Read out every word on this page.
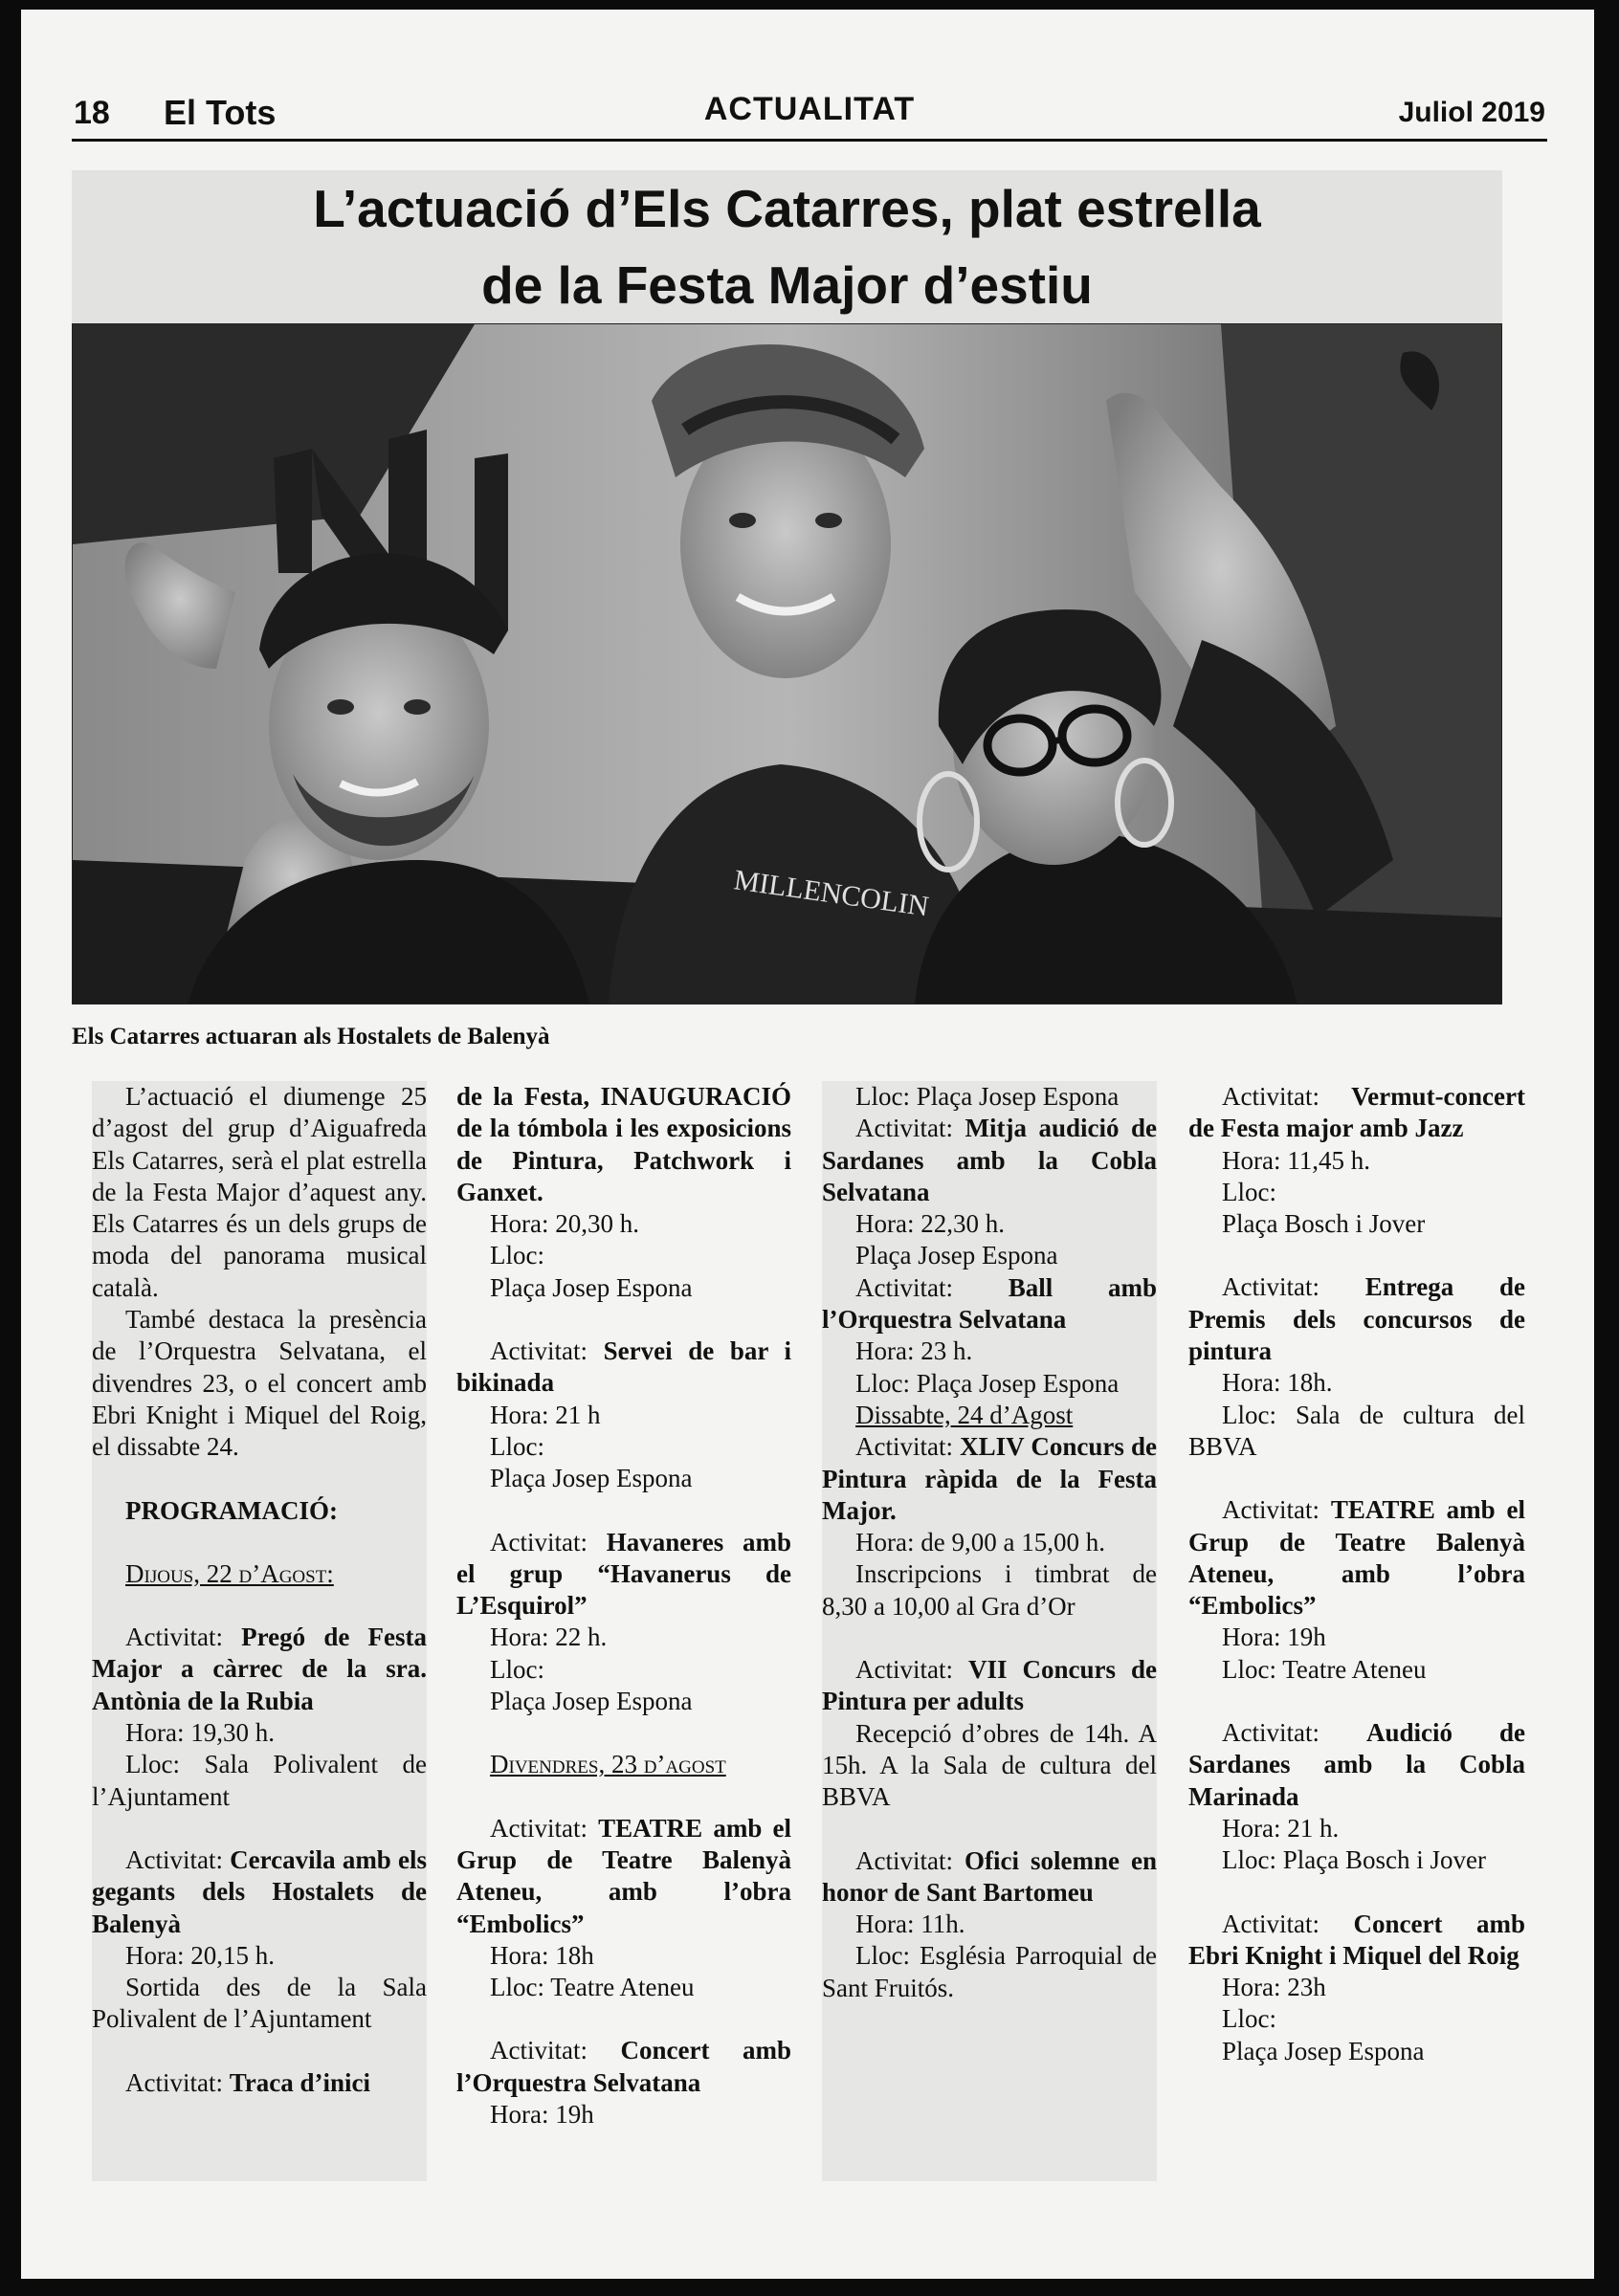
18 El Tots	ACTUALITAT	Juliol 2019
L’actuació d’Els Catarres, plat estrella
de la Festa Major d’estiu
MILLENCOLIN
Els Catarres actuaran als Hostalets de Balenyà

L’actuació el diumenge 25 d’agost del grup d’Aiguafreda Els Catarres, serà el plat estrella de la Festa Major d’aquest any. Els Catarres és un dels grups de moda del panorama musical català.

També destaca la presència de l’Orquestra Selvatana, el divendres 23, o el concert amb Ebri Knight i Miquel del Roig, el dissabte 24.

PROGRAMACIÓ:

Dijous, 22 d’Agost:

Activitat: Pregó de Festa Major a càrrec de la sra. Antònia de la Rubia

Hora: 19,30 h.

Lloc: Sala Polivalent de l’Ajuntament

Activitat: Cercavila amb els gegants dels Hostalets de Balenyà

Hora: 20,15 h.

Sortida des de la Sala Polivalent de l’Ajuntament

Activitat: Traca d’inici

de la Festa, INAUGURACIÓ de la tómbola i les exposicions de Pintura, Patchwork i Ganxet.

Hora: 20,30 h.

Lloc:

Plaça Josep Espona

Activitat: Servei de bar i bikinada

Hora: 21 h

Lloc:

Plaça Josep Espona

Activitat: Havaneres amb el grup “Havanerus de L’Esquirol”

Hora: 22 h.

Lloc:

Plaça Josep Espona

Divendres, 23 d’agost

Activitat: TEATRE amb el Grup de Teatre Balenyà Ateneu, amb l’obra “Embolics”

Hora: 18h

Lloc: Teatre Ateneu

Activitat: Concert amb l’Orquestra Selvatana

Hora: 19h

Lloc: Plaça Josep Espona

Activitat: Mitja audició de Sardanes amb la Cobla Selvatana

Hora: 22,30 h.

Plaça Josep Espona

Activitat: Ball amb l’Orquestra Selvatana

Hora: 23 h.

Lloc: Plaça Josep Espona

Dissabte, 24 d’Agost

Activitat: XLIV Concurs de Pintura ràpida de la Festa Major.

Hora: de 9,00 a 15,00 h.

Inscripcions i timbrat de 8,30 a 10,00 al Gra d’Or

Activitat: VII Concurs de Pintura per adults

Recepció d’obres de 14h. A 15h. A la Sala de cultura del BBVA

Activitat: Ofici solemne en honor de Sant Bartomeu

Hora: 11h.

Lloc: Església Parroquial de Sant Fruitós.

Activitat: Vermut-concert de Festa major amb Jazz

Hora: 11,45 h.

Lloc:

Plaça Bosch i Jover

Activitat: Entrega de Premis dels concursos de pintura

Hora: 18h.

Lloc: Sala de cultura del BBVA

Activitat: TEATRE amb el Grup de Teatre Balenyà Ateneu, amb l’obra “Embolics”

Hora: 19h

Lloc: Teatre Ateneu

Activitat: Audició de Sardanes amb la Cobla Marinada

Hora: 21 h.

Lloc: Plaça Bosch i Jover

Activitat: Concert amb Ebri Knight i Miquel del Roig

Hora: 23h

Lloc:

Plaça Josep Espona
